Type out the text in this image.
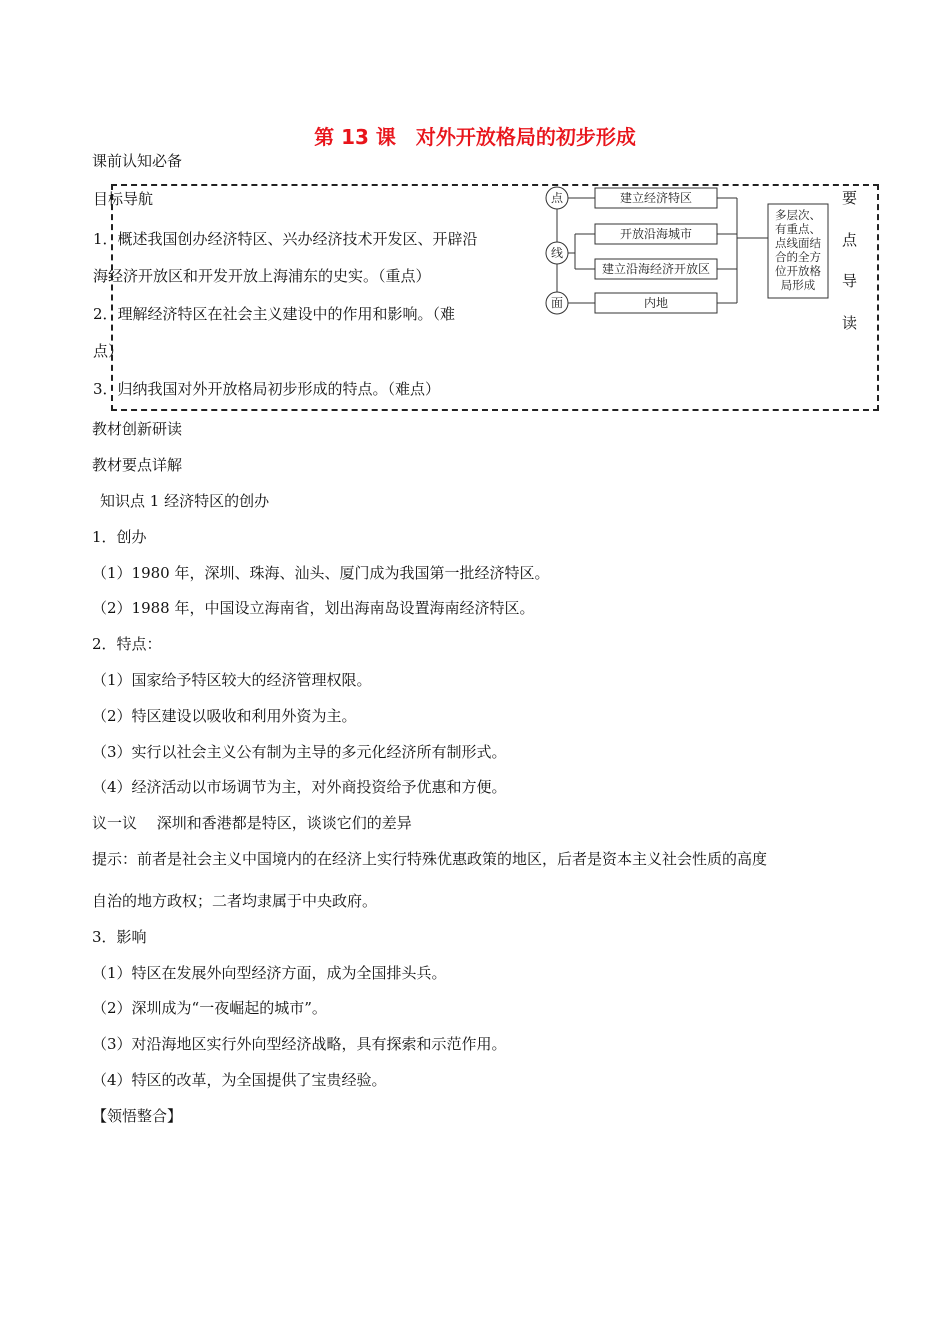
第 13 课　对外开放格局的初步形成
课前认知必备
目标导航
1．概述我国创办经济特区、兴办经济技术开发区、开辟沿
海经济开放区和开发开放上海浦东的史实。（重点）
2．理解经济特区在社会主义建设中的作用和影响。（难
点）
3．归纳我国对外开放格局初步形成的特点。（难点）
点
线
面
建立经济特区
开放沿海城市
建立沿海经济开放区
内地
多层次、
有重点、
点线面结
合的全方
位开放格
局形成
要
点
导
读
教材创新研读
教材要点详解
知识点 1 经济特区的创办
1．创办
（1）1980 年，深圳、珠海、汕头、厦门成为我国第一批经济特区。
（2）1988 年，中国设立海南省，划出海南岛设置海南经济特区。
2．特点：
（1）国家给予特区较大的经济管理权限。
（2）特区建设以吸收和利用外资为主。
（3）实行以社会主义公有制为主导的多元化经济所有制形式。
（4）经济活动以市场调节为主，对外商投资给予优惠和方便。
议一议　 深圳和香港都是特区，谈谈它们的差异
提示：前者是社会主义中国境内的在经济上实行特殊优惠政策的地区，后者是资本主义社会性质的高度
自治的地方政权；二者均隶属于中央政府。
3．影响
（1）特区在发展外向型经济方面，成为全国排头兵。
（2）深圳成为“一夜崛起的城市”。
（3）对沿海地区实行外向型经济战略，具有探索和示范作用。
（4）特区的改革，为全国提供了宝贵经验。
【领悟整合】
